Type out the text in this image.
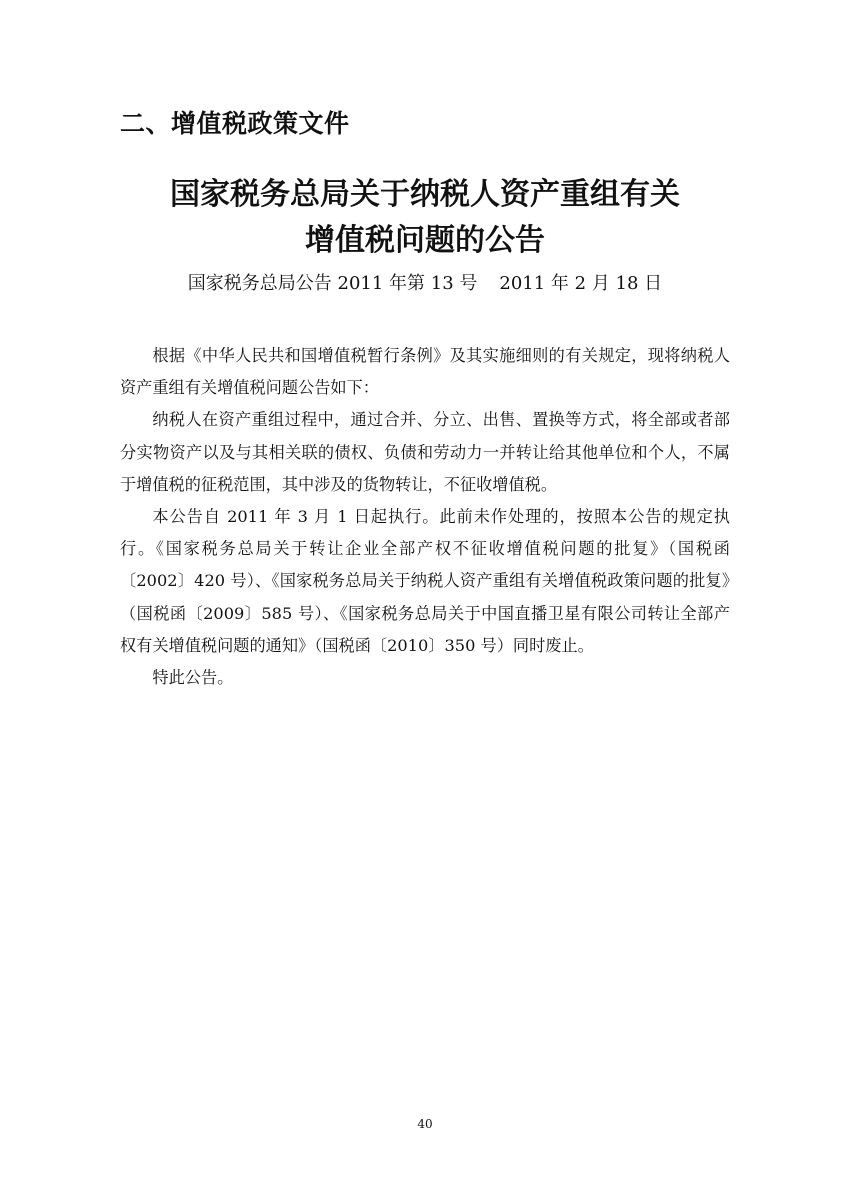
二、增值税政策文件
国家税务总局关于纳税人资产重组有关
增值税问题的公告
国家税务总局公告 2011 年第 13 号 2011 年 2 月 18 日

根据《中华人民共和国增值税暂行条例》及其实施细则的有关规定，现将纳税人资产重组有关增值税问题公告如下：

纳税人在资产重组过程中，通过合并、分立、出售、置换等方式，将全部或者部分实物资产以及与其相关联的债权、负债和劳动力一并转让给其他单位和个人，不属于增值税的征税范围，其中涉及的货物转让，不征收增值税。

本公告自 2011 年 3 月 1 日起执行。此前未作处理的，按照本公告的规定执行。《国家税务总局关于转让企业全部产权不征收增值税问题的批复》（国税函〔2002〕420 号）、《国家税务总局关于纳税人资产重组有关增值税政策问题的批复》（国税函〔2009〕585 号）、《国家税务总局关于中国直播卫星有限公司转让全部产权有关增值税问题的通知》（国税函〔2010〕350 号）同时废止。

特此公告。

40
